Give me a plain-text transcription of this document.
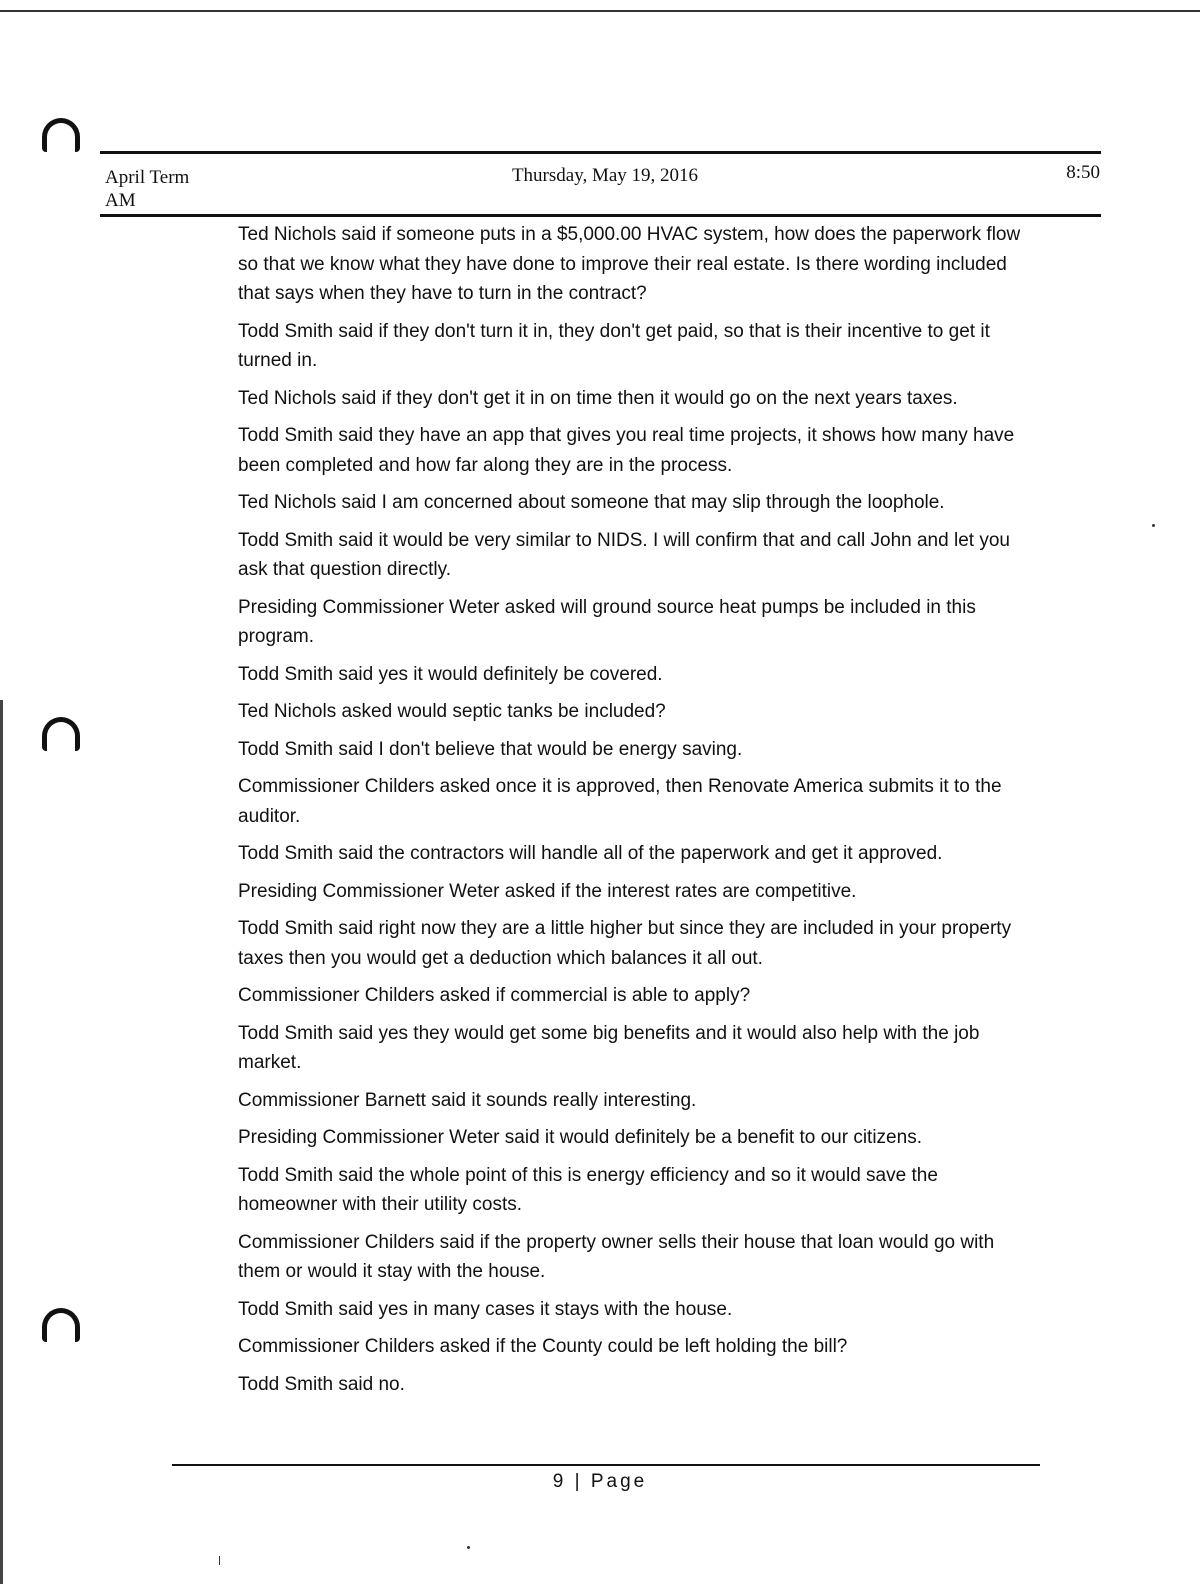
April Term
AM
Thursday, May 19, 2016	8:50

Ted Nichols said if someone puts in a $5,000.00 HVAC system, how does the paperwork flow so that we know what they have done to improve their real estate. Is there wording included that says when they have to turn in the contract?

Todd Smith said if they don't turn it in, they don't get paid, so that is their incentive to get it turned in.

Ted Nichols said if they don't get it in on time then it would go on the next years taxes.

Todd Smith said they have an app that gives you real time projects, it shows how many have been completed and how far along they are in the process.

Ted Nichols said I am concerned about someone that may slip through the loophole.

Todd Smith said it would be very similar to NIDS. I will confirm that and call John and let you ask that question directly.

Presiding Commissioner Weter asked will ground source heat pumps be included in this program.

Todd Smith said yes it would definitely be covered.

Ted Nichols asked would septic tanks be included?

Todd Smith said I don't believe that would be energy saving.

Commissioner Childers asked once it is approved, then Renovate America submits it to the auditor.

Todd Smith said the contractors will handle all of the paperwork and get it approved.

Presiding Commissioner Weter asked if the interest rates are competitive.

Todd Smith said right now they are a little higher but since they are included in your property taxes then you would get a deduction which balances it all out.

Commissioner Childers asked if commercial is able to apply?

Todd Smith said yes they would get some big benefits and it would also help with the job market.

Commissioner Barnett said it sounds really interesting.

Presiding Commissioner Weter said it would definitely be a benefit to our citizens.

Todd Smith said the whole point of this is energy efficiency and so it would save the homeowner with their utility costs.

Commissioner Childers said if the property owner sells their house that loan would go with them or would it stay with the house.

Todd Smith said yes in many cases it stays with the house.

Commissioner Childers asked if the County could be left holding the bill?

Todd Smith said no.

9 | Page
